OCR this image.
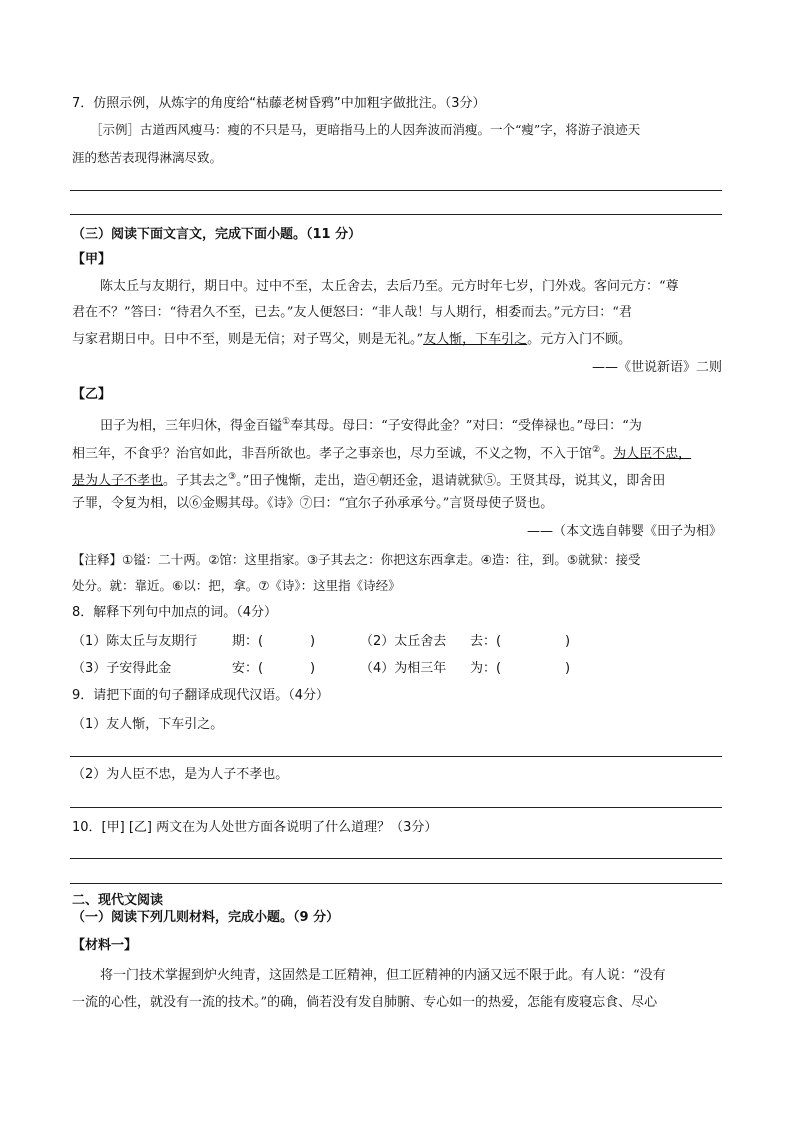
7．仿照示例，从炼字的角度给“枯藤老树昏鸦”中加粗字做批注。（3分）
［示例］古道西风瘦马：瘦的不只是马，更暗指马上的人因奔波而消瘦。一个“瘦”字，将游子浪迹天
涯的愁苦表现得淋漓尽致。
（三）阅读下面文言文，完成下面小题。（11 分）
【甲】
陈太丘与友期行，期日中。过中不至，太丘舍去，去后乃至。元方时年七岁，门外戏。客问元方：“尊
君在不？”答曰：“待君久不至，已去。”友人便怒曰：“非人哉！与人期行，相委而去。”元方曰：“君
与家君期日中。日中不至，则是无信；对子骂父，则是无礼。”友人惭，下车引之。元方入门不顾。
——《世说新语》二则
【乙】
田子为相，三年归休，得金百镒①奉其母。母曰：“子安得此金？”对曰：“受俸禄也。”母曰：“为
相三年，不食乎？治官如此，非吾所欲也。孝子之事亲也，尽力至诚，不义之物，不入于馆②。为人臣不忠，
是为人子不孝也。子其去之③。”田子愧惭，走出，造④朝还金，退请就狱⑤。王贤其母，说其义，即舍田
子罪，令复为相，以⑥金赐其母。《诗》⑦曰：“宜尔子孙承承兮。”言贤母使子贤也。
——（本文选自韩婴《田子为相》
【注释】①镒：二十两。②馆：这里指家。③子其去之：你把这东西拿走。④造：往，到。⑤就狱：接受
处分。就：靠近。⑥以：把，拿。⑦《诗》：这里指《诗经》
8．解释下列句中加点的词。（4分）
（1）陈太丘与友期行	期：(	)	（2）太丘舍去 去：(	)
（3）子安得此金	安：(	)	（4）为相三年 为：(	)
9．请把下面的句子翻译成现代汉语。（4分）
（1）友人惭，下车引之。
（2）为人臣不忠，是为人子不孝也。
10．[甲] [乙] 两文在为人处世方面各说明了什么道理？（3分）
二、现代文阅读
（一）阅读下列几则材料，完成小题。（9 分）
【材料一】
将一门技术掌握到炉火纯青，这固然是工匠精神，但工匠精神的内涵又远不限于此。有人说：“没有
一流的心性，就没有一流的技术。”的确，倘若没有发自肺腑、专心如一的热爱，怎能有废寝忘食、尽心
